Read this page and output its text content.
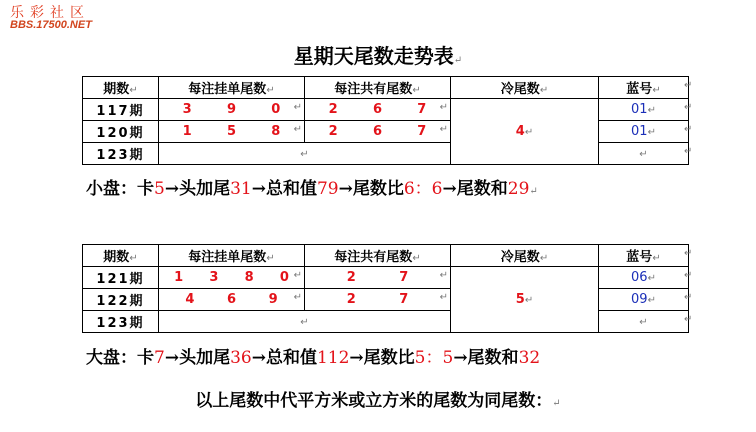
乐彩社区
BBS.17500.NET
星期天尾数走势表↵
期数↵	每注挂单尾数↵	每注共有尾数↵	冷尾数↵	蓝号↵
117期	3 9 0 ↵	2 6 7 ↵	4↵	01↵
120期	1 5 8 ↵	2 6 7 ↵		01↵
123期	↵			↵
↵
↵
↵
↵
小盘：卡5→头加尾31→总和值79→尾数比6：6→尾数和29↵
期数↵	每注挂单尾数↵	每注共有尾数↵	冷尾数↵	蓝号↵
121期	1 3 8 0 ↵	2 7 ↵	5↵	06↵
122期	4 6 9 ↵	2 7 ↵		09↵
123期	↵			↵
↵
↵
↵
↵
大盘：卡7→头加尾36→总和值112→尾数比5：5→尾数和32
以上尾数中代平方米或立方米的尾数为同尾数：↵
